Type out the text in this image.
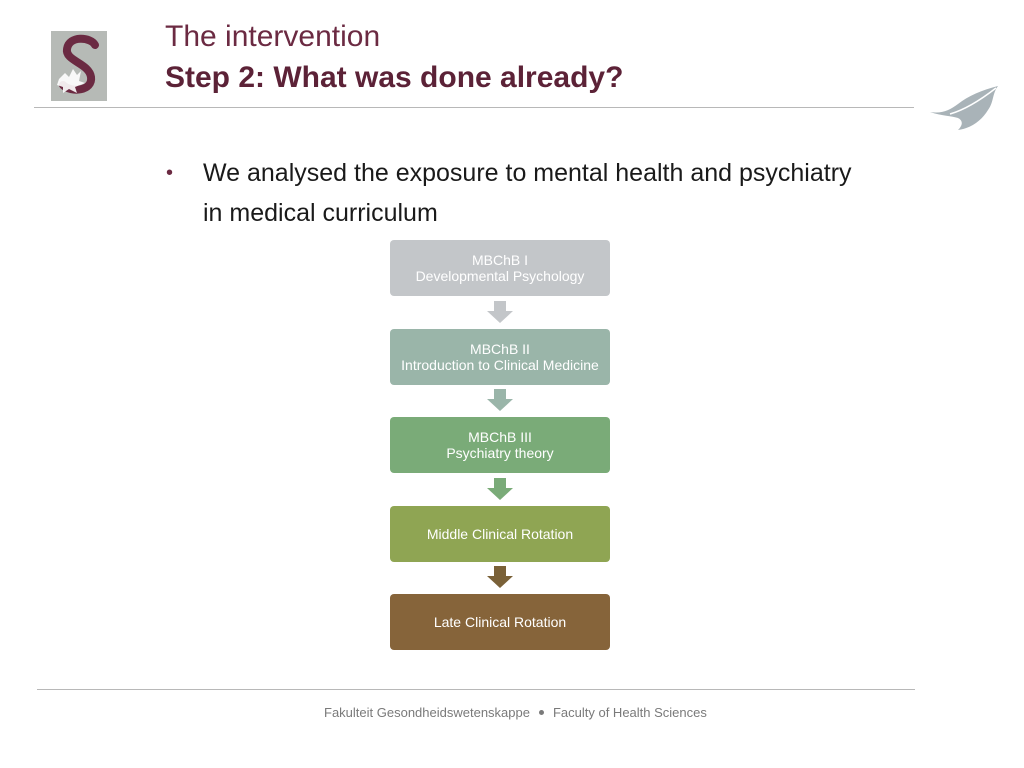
The intervention
Step 2: What was done already?
• We analysed the exposure to mental health and psychiatry
in medical curriculum
MBChB I
Developmental Psychology
MBChB II
Introduction to Clinical Medicine
MBChB III
Psychiatry theory
Middle Clinical Rotation
Late Clinical Rotation
Fakulteit Gesondheidswetenskappe Faculty of Health Sciences
